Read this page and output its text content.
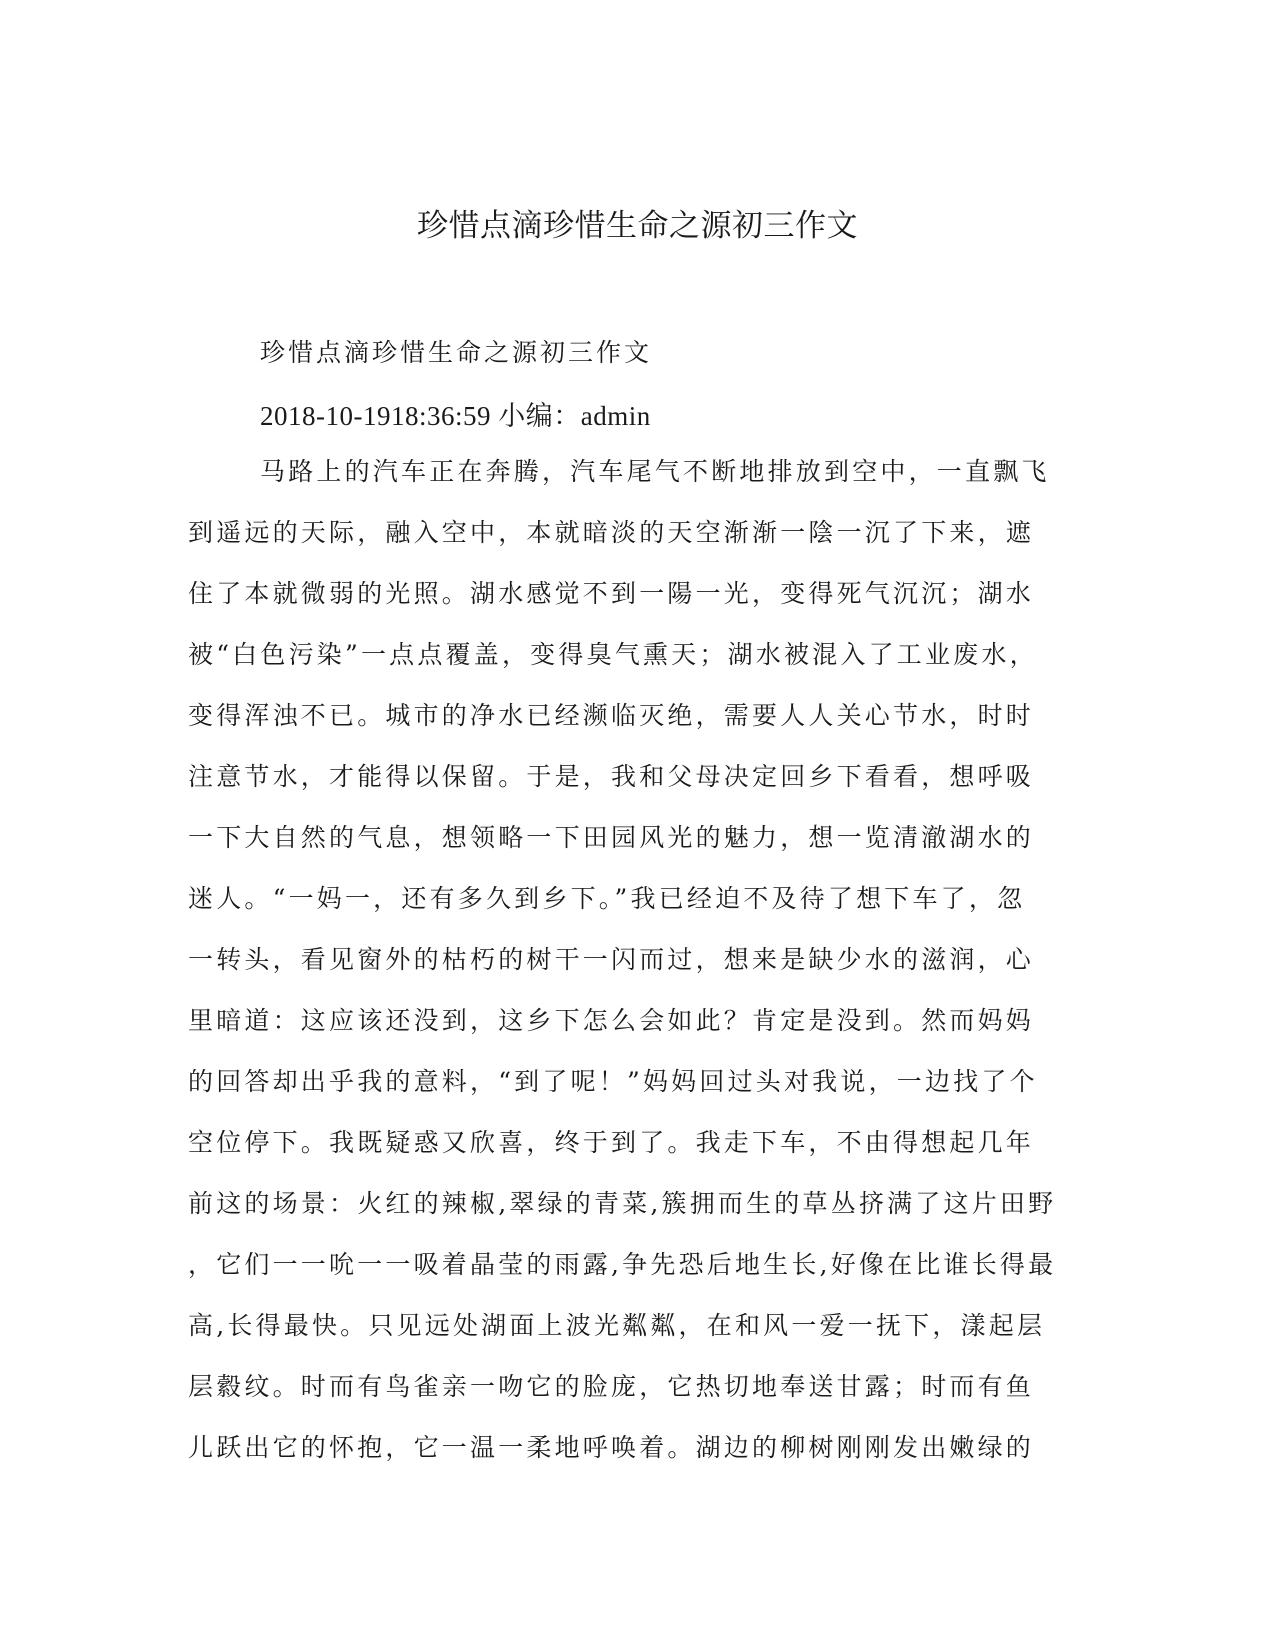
珍惜点滴珍惜生命之源初三作文
珍惜点滴珍惜生命之源初三作文
2018-10-1918:36:59 小编：admin
马路上的汽车正在奔腾，汽车尾气不断地排放到空中，一直飘飞
到遥远的天际，融入空中，本就暗淡的天空渐渐一陰一沉了下来，遮
住了本就微弱的光照。湖水感觉不到一陽一光，变得死气沉沉；湖水
被“白色污染”一点点覆盖，变得臭气熏天；湖水被混入了工业废水，
变得浑浊不已。城市的净水已经濒临灭绝，需要人人关心节水，时时
注意节水，才能得以保留。于是，我和父母决定回乡下看看，想呼吸
一下大自然的气息，想领略一下田园风光的魅力，想一览清澈湖水的
迷人。“一妈一，还有多久到乡下。”我已经迫不及待了想下车了，忽
一转头，看见窗外的枯朽的树干一闪而过，想来是缺少水的滋润，心
里暗道：这应该还没到，这乡下怎么会如此？肯定是没到。然而妈妈
的回答却出乎我的意料，“到了呢！”妈妈回过头对我说，一边找了个
空位停下。我既疑惑又欣喜，终于到了。我走下车，不由得想起几年
前这的场景：火红的辣椒,翠绿的青菜,簇拥而生的草丛挤满了这片田野
，它们一一吮一一吸着晶莹的雨露,争先恐后地生长,好像在比谁长得最
高,长得最快。只见远处湖面上波光粼粼，在和风一爱一抚下，漾起层
层縠纹。时而有鸟雀亲一吻它的脸庞，它热切地奉送甘露；时而有鱼
儿跃出它的怀抱，它一温一柔地呼唤着。湖边的柳树刚刚发出嫩绿的
